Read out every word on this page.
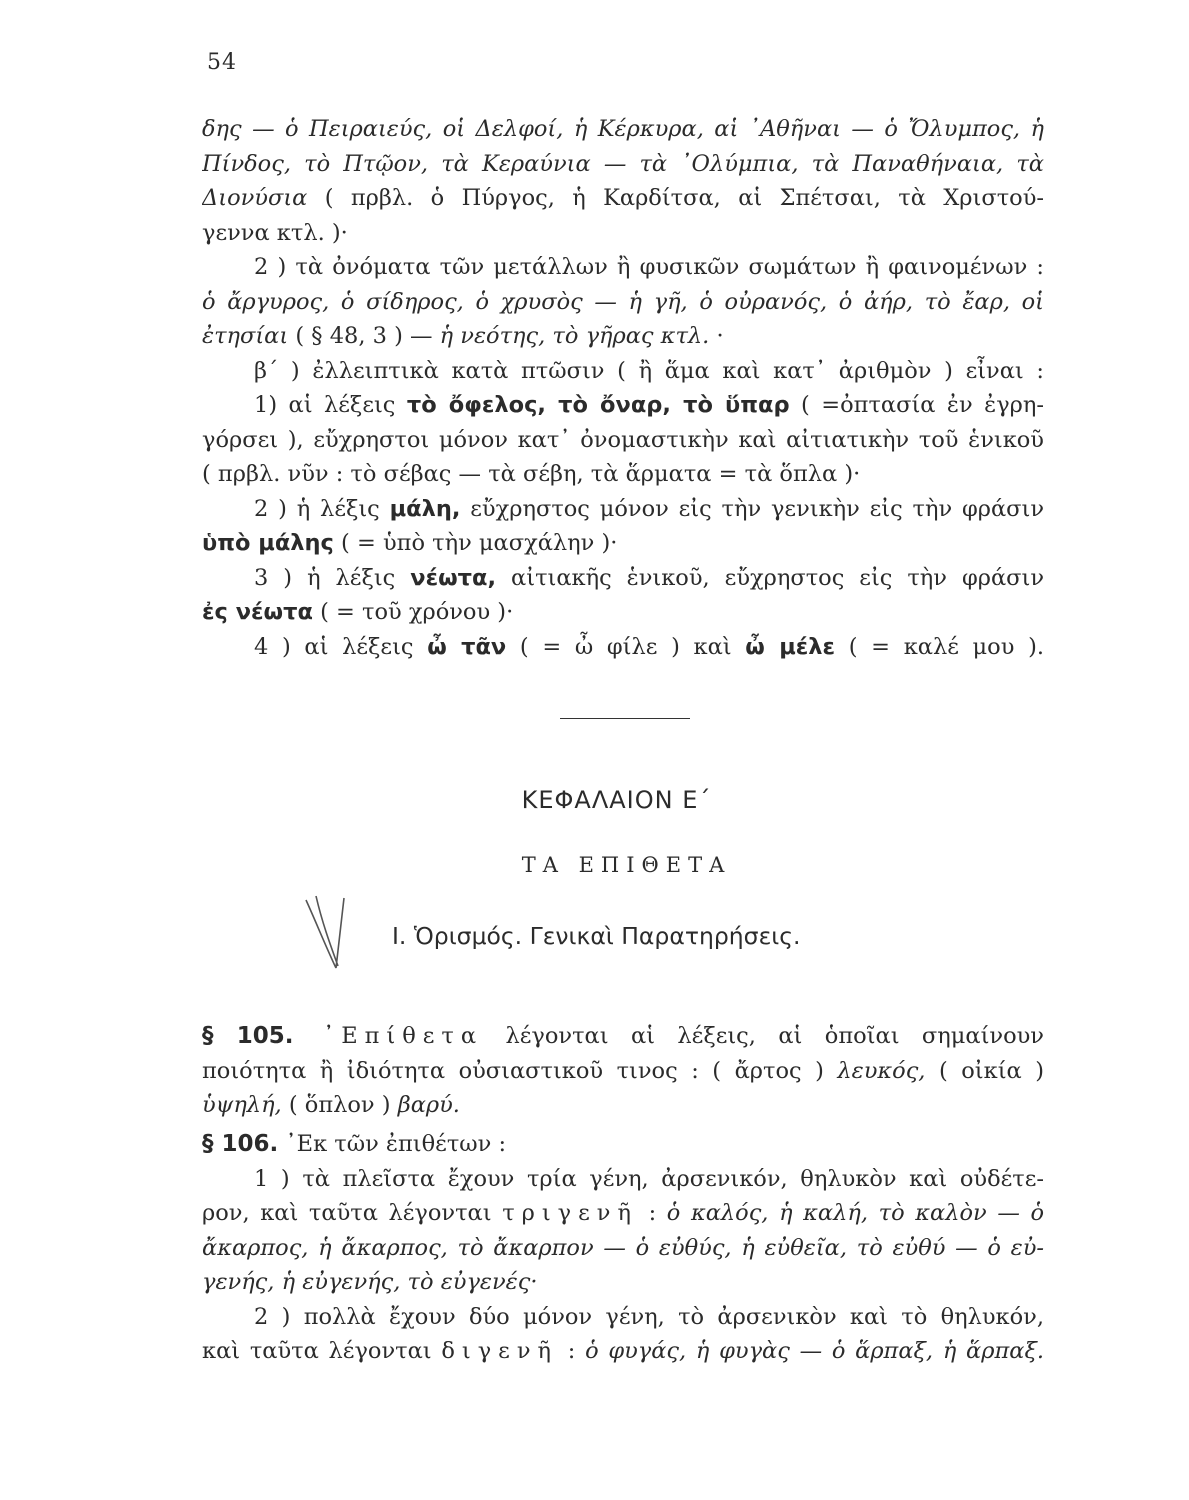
54
δης — ὁ Πειραιεύς, οἱ Δελφοί, ἡ Κέρκυρα, αἱ ᾿Αθῆναι — ὁ Ὄλυμπος, ἡ
Πίνδος, τὸ Πτῷον, τὰ Κεραύνια — τὰ ᾿Ολύμπια, τὰ Παναθήναια, τὰ
Διονύσια ( πρβλ. ὁ Πύργος, ἡ Καρδίτσα, αἱ Σπέτσαι, τὰ Χριστού-
γεννα κτλ. )·
2 ) τὰ ὀνόματα τῶν μετάλλων ἢ φυσικῶν σωμάτων ἢ φαινομένων :
ὁ ἄργυρος, ὁ σίδηρος, ὁ χρυσὸς — ἡ γῆ, ὁ οὐρανός, ὁ ἀήρ, τὸ ἔαρ, οἱ
ἐτησίαι ( § 48, 3 ) — ἡ νεότης, τὸ γῆρας κτλ. ·
β΄ ) ἐλλειπτικὰ κατὰ πτῶσιν ( ἢ ἅμα καὶ κατ᾿ ἀριθμὸν ) εἶναι :
1) αἱ λέξεις τὸ ὄφελος, τὸ ὄναρ, τὸ ὕπαρ ( =ὀπτασία ἐν ἐγρη-
γόρσει ), εὔχρηστοι μόνον κατ᾿ ὀνομαστικὴν καὶ αἰτιατικὴν τοῦ ἑνικοῦ
( πρβλ. νῦν : τὸ σέβας — τὰ σέβη, τὰ ἅρματα = τὰ ὅπλα )·
2 ) ἡ λέξις μάλη, εὔχρηστος μόνον εἰς τὴν γενικὴν εἰς τὴν φράσιν
ὑπὸ μάλης ( = ὑπὸ τὴν μασχάλην )·
3 ) ἡ λέξις νέωτα, αἰτιακῆς ἑνικοῦ, εὔχρηστος εἰς τὴν φράσιν
ἐς νέωτα ( = τοῦ χρόνου )·
4 ) αἱ λέξεις ὦ τᾶν ( = ὦ φίλε ) καὶ ὦ μέλε ( = καλέ μου ).
ΚΕΦΑΛΑΙΟΝ Ε΄
ΤΑ ΕΠΙΘΕΤΑ
Ι. Ὁρισμός. Γενικαὶ Παρατηρήσεις.
§ 105. ᾿Επίθετα λέγονται αἱ λέξεις, αἱ ὁποῖαι σημαίνουν
ποιότητα ἢ ἰδιότητα οὐσιαστικοῦ τινος : ( ἄρτος ) λευκός, ( οἰκία )
ὑψηλή, ( ὅπλον ) βαρύ.
§ 106. ᾿Εκ τῶν ἐπιθέτων :
1 ) τὰ πλεῖστα ἔχουν τρία γένη, ἀρσενικόν, θηλυκὸν καὶ οὐδέτε-
ρον, καὶ ταῦτα λέγονται τριγενῆ : ὁ καλός, ἡ καλή, τὸ καλὸν — ὁ
ἄκαρπος, ἡ ἄκαρπος, τὸ ἄκαρπον — ὁ εὐθύς, ἡ εὐθεῖα, τὸ εὐθύ — ὁ εὐ-
γενής, ἡ εὐγενής, τὸ εὐγενές·
2 ) πολλὰ ἔχουν δύο μόνον γένη, τὸ ἀρσενικὸν καὶ τὸ θηλυκόν,
καὶ ταῦτα λέγονται διγενῆ : ὁ φυγάς, ἡ φυγὰς — ὁ ἅρπαξ, ἡ ἅρπαξ.
